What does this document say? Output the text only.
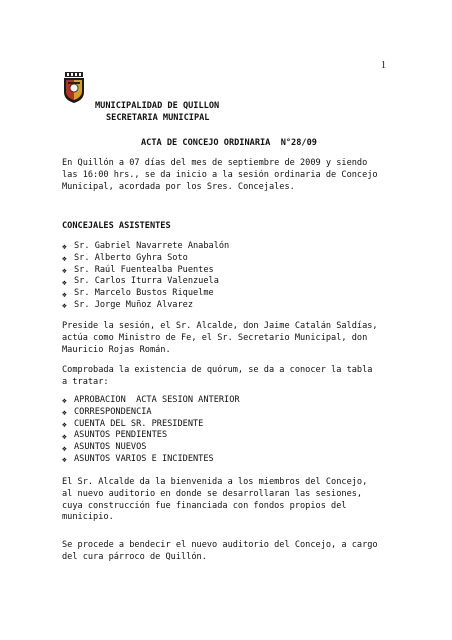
1
MUNICIPALIDAD DE QUILLON
SECRETARIA MUNICIPAL
ACTA DE CONCEJO ORDINARIA  N°28/09
En Quillón a 07 días del mes de septiembre de 2009 y siendo
las 16:00 hrs., se da inicio a la sesión ordinaria de Concejo
Municipal, acordada por los Sres. Concejales.
CONCEJALES ASISTENTES
❖ Sr. Gabriel Navarrete Anabalón
❖ Sr. Alberto Gyhra Soto
❖ Sr. Raúl Fuentealba Puentes
❖ Sr. Carlos Iturra Valenzuela
❖ Sr. Marcelo Bustos Riquelme
❖ Sr. Jorge Muñoz Alvarez
Preside la sesión, el Sr. Alcalde, don Jaime Catalán Saldías,
actúa como Ministro de Fe, el Sr. Secretario Municipal, don
Mauricio Rojas Román.
Comprobada la existencia de quórum, se da a conocer la tabla
a tratar:
❖ APROBACION  ACTA SESION ANTERIOR
❖ CORRESPONDENCIA
❖ CUENTA DEL SR. PRESIDENTE
❖ ASUNTOS PENDIENTES
❖ ASUNTOS NUEVOS
❖ ASUNTOS VARIOS E INCIDENTES
El Sr. Alcalde da la bienvenida a los miembros del Concejo,
al nuevo auditorio en donde se desarrollaran las sesiones,
cuya construcción fue financiada con fondos propios del
municipio.
Se procede a bendecir el nuevo auditorio del Concejo, a cargo
del cura párroco de Quillón.
